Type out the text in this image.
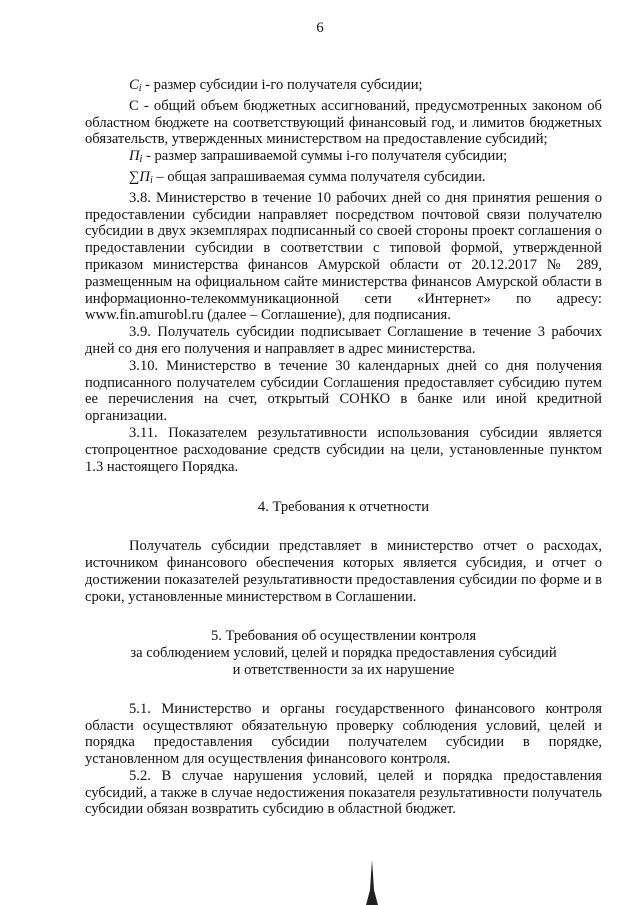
6

$C_i$ - размер субсидии i-го получателя субсидии;

С - общий объем бюджетных ассигнований, предусмотренных законом об областном бюджете на соответствующий финансовый год, и лимитов бюджетных обязательств, утвержденных министерством на предоставление субсидий;

$П_i$ - размер запрашиваемой суммы i-го получателя субсидии;

$\sum П_i$ – общая запрашиваемая сумма получателя субсидии.

3.8. Министерство в течение 10 рабочих дней со дня принятия решения о предоставлении субсидии направляет посредством почтовой связи получателю субсидии в двух экземплярах подписанный со своей стороны проект соглашения о предоставлении субсидии в соответствии с типовой формой, утвержденной приказом министерства финансов Амурской области от 20.12.2017 № 289, размещенным на официальном сайте министерства финансов Амурской области в информационно-телекоммуникационной сети «Интернет» по адресу: www.fin.amurobl.ru (далее – Соглашение), для подписания.

3.9. Получатель субсидии подписывает Соглашение в течение 3 рабочих дней со дня его получения и направляет в адрес министерства.

3.10. Министерство в течение 30 календарных дней со дня получения подписанного получателем субсидии Соглашения предоставляет субсидию путем ее перечисления на счет, открытый СОНКО в банке или иной кредитной организации.

3.11. Показателем результативности использования субсидии является стопроцентное расходование средств субсидии на цели, установленные пунктом 1.3 настоящего Порядка.

4. Требования к отчетности

Получатель субсидии представляет в министерство отчет о расходах, источником финансового обеспечения которых является субсидия, и отчет о достижении показателей результативности предоставления субсидии по форме и в сроки, установленные министерством в Соглашении.

5. Требования об осуществлении контроля

за соблюдением условий, целей и порядка предоставления субсидий

и ответственности за их нарушение

5.1. Министерство и органы государственного финансового контроля области осуществляют обязательную проверку соблюдения условий, целей и порядка предоставления субсидии получателем субсидии в порядке, установленном для осуществления финансового контроля.

5.2. В случае нарушения условий, целей и порядка предоставления субсидий, а также в случае недостижения показателя результативности получатель субсидии обязан возвратить субсидию в областной бюджет.
